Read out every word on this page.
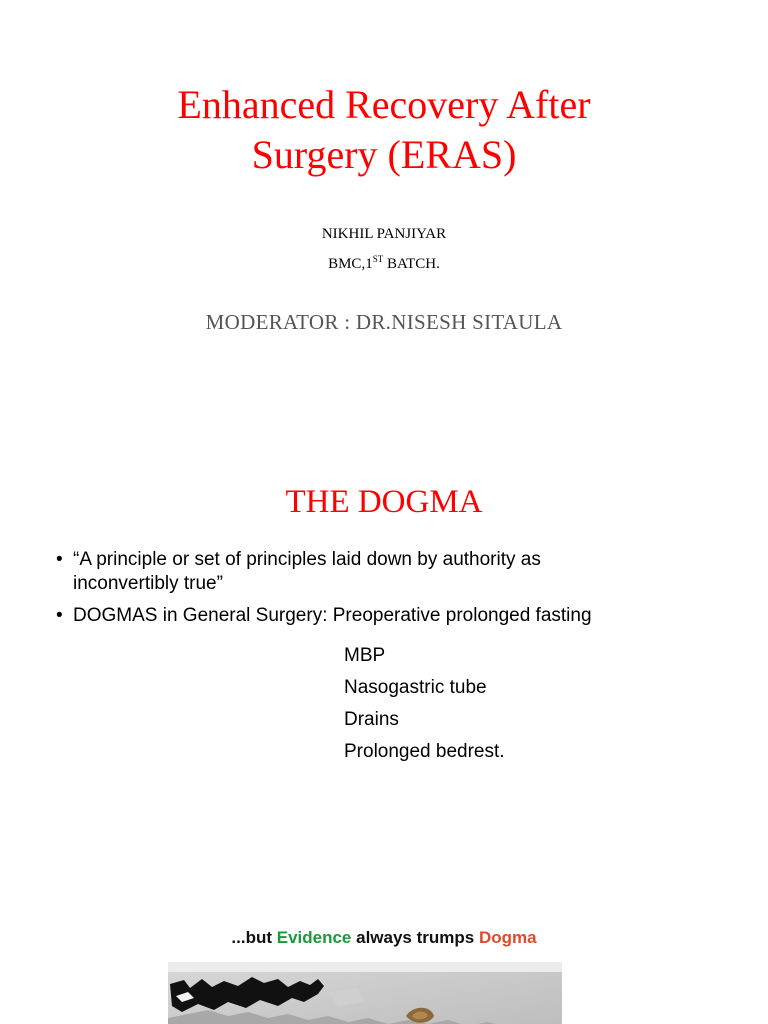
Enhanced Recovery After
Surgery (ERAS)
NIKHIL PANJIYAR
BMC,1ST BATCH.
MODERATOR : DR.NISESH SITAULA
THE DOGMA
• “A principle or set of principles laid down by authority as
inconvertibly true”
• DOGMAS in General Surgery: Preoperative prolonged fasting
MBP
Nasogastric tube
Drains
Prolonged bedrest.
...but Evidence always trumps Dogma
